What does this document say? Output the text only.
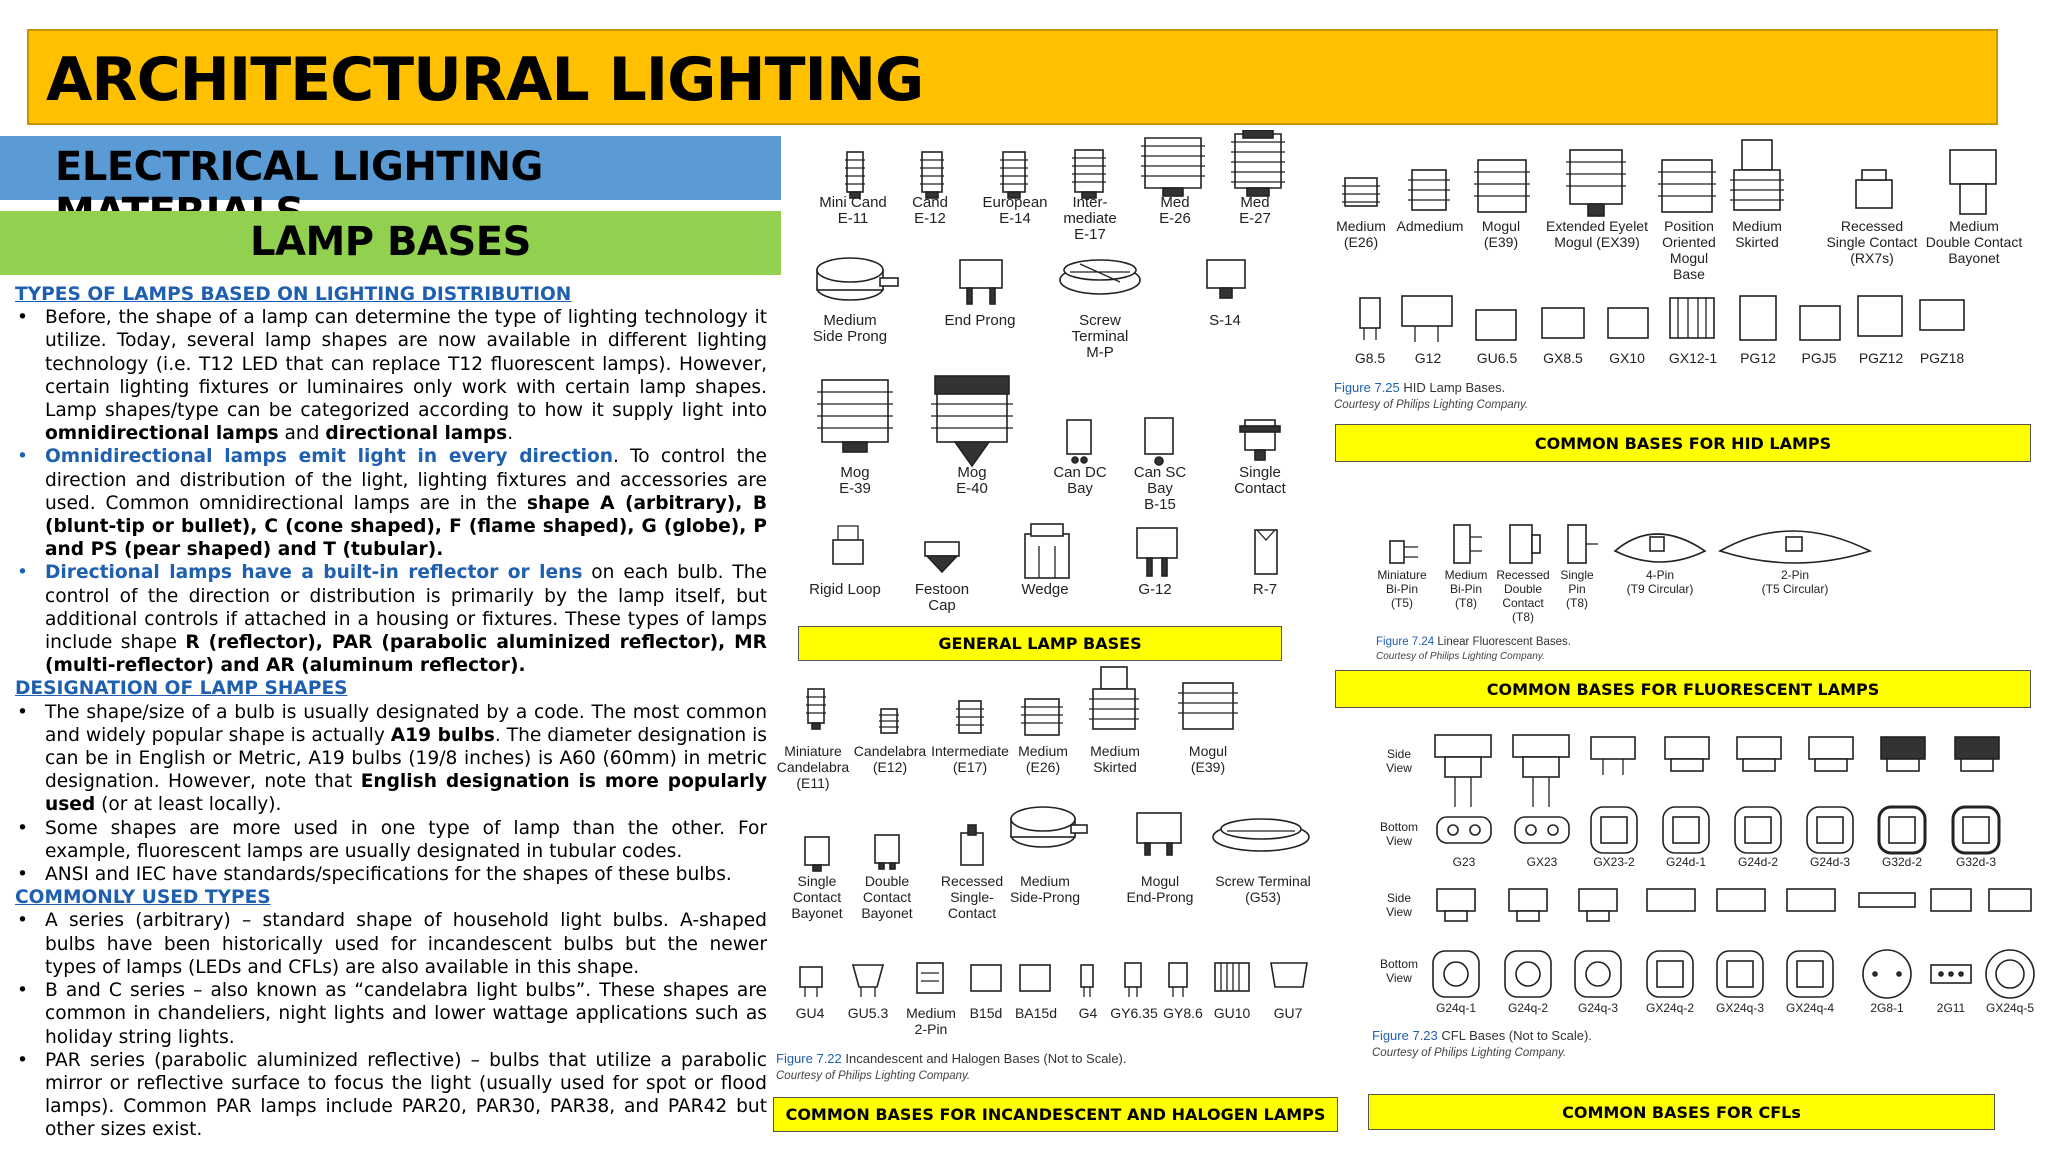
ARCHITECTURAL LIGHTING
ELECTRICAL LIGHTING
LAMP BASES
TYPES OF LAMPS BASED ON LIGHTING DISTRIBUTION
• Before, the shape of a lamp can determine the type of lighting technology it utilize. Today, several lamp shapes are now available in different lighting technology (i.e. T12 LED that can replace T12 fluorescent lamps). However, certain lighting fixtures or luminaires only work with certain lamp shapes. Lamp shapes/type can be categorized according to how it supply light into omnidirectional lamps and directional lamps.
• Omnidirectional lamps emit light in every direction. To control the direction and distribution of the light, lighting fixtures and accessories are used. Common omnidirectional lamps are in the shape A (arbitrary), B (blunt-tip or bullet), C (cone shaped), F (flame shaped), G (globe), P and PS (pear shaped) and T (tubular).
• Directional lamps have a built-in reflector or lens on each bulb. The control of the direction or distribution is primarily by the lamp itself, but additional controls if attached in a housing or fixtures. These types of lamps include shape R (reflector), PAR (parabolic aluminized reflector), MR (multi-reflector) and AR (aluminum reflector).
DESIGNATION OF LAMP SHAPES
• The shape/size of a bulb is usually designated by a code. The most common and widely popular shape is actually A19 bulbs. The diameter designation is can be in English or Metric, A19 bulbs (19/8 inches) is A60 (60mm) in metric designation. However, note that English designation is more popularly used (or at least locally).
• Some shapes are more used in one type of lamp than the other. For example, fluorescent lamps are usually designated in tubular codes.
• ANSI and IEC have standards/specifications for the shapes of these bulbs.
COMMONLY USED TYPES
• A series (arbitrary) – standard shape of household light bulbs. A-shaped bulbs have been historically used for incandescent bulbs but the newer types of lamps (LEDs and CFLs) are also available in this shape.
• B and C series – also known as “candelabra light bulbs”. These shapes are common in chandeliers, night lights and lower wattage applications such as holiday string lights.
• PAR series (parabolic aluminized reflective) – bulbs that utilize a parabolic mirror or reflective surface to focus the light (usually used for spot or flood lamps). Common PAR lamps include PAR20, PAR30, PAR38, and PAR42 but other sizes exist.
Mini Cand
E-11
Cand
E-12
European
E-14
Inter-
mediate
E-17
Med
E-26
Med
E-27
Medium
Side Prong
End Prong	Screw
Terminal
M-P
S-14
Mog
E-39
Mog
E-40
Can DC
Bay
Can SC
Bay
B-15
Single
Contact
Rigid Loop	Festoon
Cap
Wedge	G-12	R-7
GENERAL LAMP BASES
Miniature
Candelabra
(E11)
Candelabra
(E12)
Intermediate
(E17)
Medium
(E26)
Medium
Skirted
Mogul
(E39)
Single
Contact
Bayonet
Double
Contact
Bayonet
Recessed
Single-
Contact
Medium
Side-Prong
Mogul
End-Prong
Screw Terminal
(G53)
GU4	GU5.3	Medium
2-Pin
B15d BA15d	G4 GY6.35 GY8.6 GU10	GU7
Figure 7.22 Incandescent and Halogen Bases (Not to Scale).
Courtesy of Philips Lighting Company.
COMMON BASES FOR INCANDESCENT AND HALOGEN LAMPS
Medium
(E26)
Admedium	Mogul
(E39)
Extended Eyelet
Mogul (EX39)
Position
Oriented
Mogul Base
Medium
Skirted
Recessed
Single Contact
(RX7s)
Medium
Double Contact
Bayonet
G8.5	G12	GU6.5	GX8.5	GX10	GX12-1	PG12	PGJ5	PGZ12	PGZ18
Figure 7.25 HID Lamp Bases.
Courtesy of Philips Lighting Company.
COMMON BASES FOR HID LAMPS
Miniature
Bi-Pin
(T5)
Medium
Bi-Pin
(T8)
Recessed
Double
Contact
(T8)
Single
Pin
(T8)
4-Pin
(T9 Circular)
2-Pin
(T5 Circular)
Figure 7.24 Linear Fluorescent Bases.
Courtesy of Philips Lighting Company.
COMMON BASES FOR FLUORESCENT LAMPS
Side
View
Bottom
View
Side
View
Bottom
View
G23	GX23	GX23-2	G24d-1	G24d-2	G24d-3	G32d-2	G32d-3
G24q-1	G24q-2	G24q-3	GX24q-2	GX24q-3	GX24q-4	2G8-1	2G11	GX24q-5
Figure 7.23 CFL Bases (Not to Scale).
Courtesy of Philips Lighting Company.
COMMON BASES FOR CFLs
